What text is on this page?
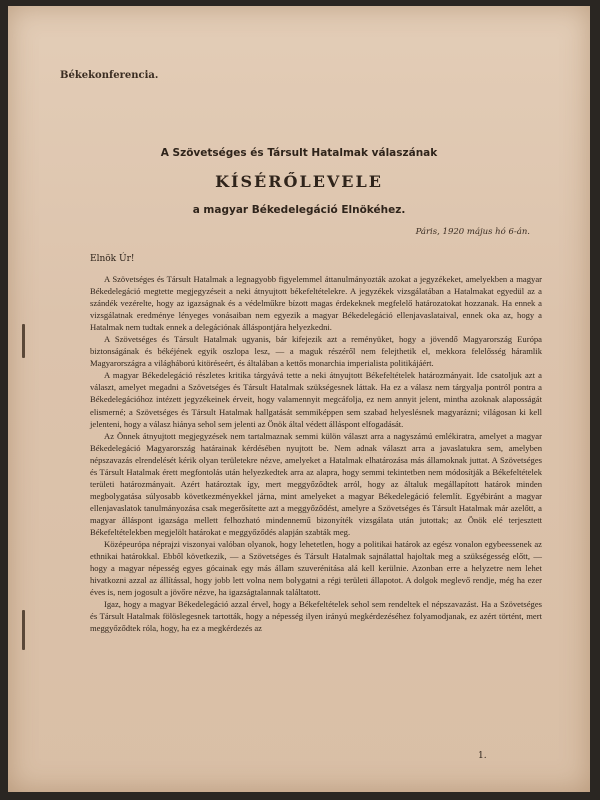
Békekonferencia.
A Szövetséges és Társult Hatalmak válaszának
KÍSÉRŐLEVELE
a magyar Békedelegáció Elnökéhez.
Páris, 1920 május hó 6-án.
Elnök Úr!

A Szövetséges és Társult Hatalmak a legnagyobb figyelemmel áttanulmányozták azokat a jegyzékeket, amelyekben a magyar Békedelegáció megtette megjegyzéseit a neki átnyujtott békefeltételekre. A jegyzékek vizsgálatában a Hatalmakat egyedül az a szándék vezérelte, hogy az igazságnak és a védelműkre bízott magas érdekeknek megfelelő határozatokat hozzanak. Ha ennek a vizsgálatnak eredménye lényeges vonásaiban nem egyezik a magyar Békedelegáció ellenjavaslataival, ennek oka az, hogy a Hatalmak nem tudtak ennek a delegációnak álláspontjára helyezkedni.

A Szövetséges és Társult Hatalmak ugyanis, bár kifejezik azt a reményüket, hogy a jövendő Magyarország Európa biztonságának és békéjének egyik oszlopa lesz, — a maguk részéről nem felejthetik el, mekkora felelősség háramlik Magyarországra a világháború kitöréseért, és általában a kettős monarchia imperialista politikájáért.

A magyar Békedelegáció részletes kritika tárgyává tette a neki átnyujtott Békefeltételek határozmányait. Ide csatoljuk azt a választ, amelyet megadni a Szövetséges és Társult Hatalmak szükségesnek láttak. Ha ez a válasz nem tárgyalja pontról pontra a Békedelegációhoz intézett jegyzékeinek érveit, hogy valamennyit megcáfolja, ez nem annyit jelent, mintha azoknak alaposságát elismerné; a Szövetséges és Társult Hatalmak hallgatását semmiképpen sem szabad helyeslésnek magyarázni; világosan ki kell jelenteni, hogy a válasz hiánya sehol sem jelenti az Önök által védett álláspont elfogadását.

Az Önnek átnyujtott megjegyzések nem tartalmaznak semmi külön választ arra a nagyszámú emlékiratra, amelyet a magyar Békedelegáció Magyarország határainak kérdésében nyujtott be. Nem adnak választ arra a javaslatukra sem, amelyben népszavazás elrendelését kérik olyan területekre nézve, amelyeket a Hatalmak elhatározása más államoknak juttat. A Szövetséges és Társult Hatalmak érett megfontolás után helyezkedtek arra az alapra, hogy semmi tekintetben nem módosítják a Békefeltételek területi határozmányait. Azért határoztak így, mert meggyőződtek arról, hogy az általuk megállapított határok minden megbolygatása súlyosabb következményekkel járna, mint amelyeket a magyar Békedelegáció felemlít. Egyébiránt a magyar ellenjavaslatok tanulmányozása csak megerősítette azt a meggyőződést, amelyre a Szövetséges és Társult Hatalmak már azelőtt, a magyar álláspont igazsága mellett felhozható mindennemű bizonyíték vizsgálata után jutottak; az Önök elé terjesztett Békefeltételekben megjelölt határokat e meggyőződés alapján szabták meg.

Középeurópa néprajzi viszonyai valóban olyanok, hogy lehetetlen, hogy a politikai határok az egész vonalon egybeessenek az ethnikai határokkal. Ebből következik, — a Szövetséges és Társult Hatalmak sajnálattal hajoltak meg a szükségesség előtt, — hogy a magyar népesség egyes gócainak egy más állam szuverénitása alá kell kerülnie. Azonban erre a helyzetre nem lehet hivatkozni azzal az állítással, hogy jobb lett volna nem bolygatni a régi területi állapotot. A dolgok meglevő rendje, még ha ezer éves is, nem jogosult a jövőre nézve, ha igazságtalannak találtatott.

Igaz, hogy a magyar Békedelegáció azzal érvel, hogy a Békefeltételek sehol sem rendeltek el népszavazást. Ha a Szövetséges és Társult Hatalmak fölöslegesnek tartották, hogy a népesség ilyen irányú megkérdezéséhez folyamodjanak, ez azért történt, mert meggyőződtek róla, hogy, ha ez a megkérdezés az

1.
